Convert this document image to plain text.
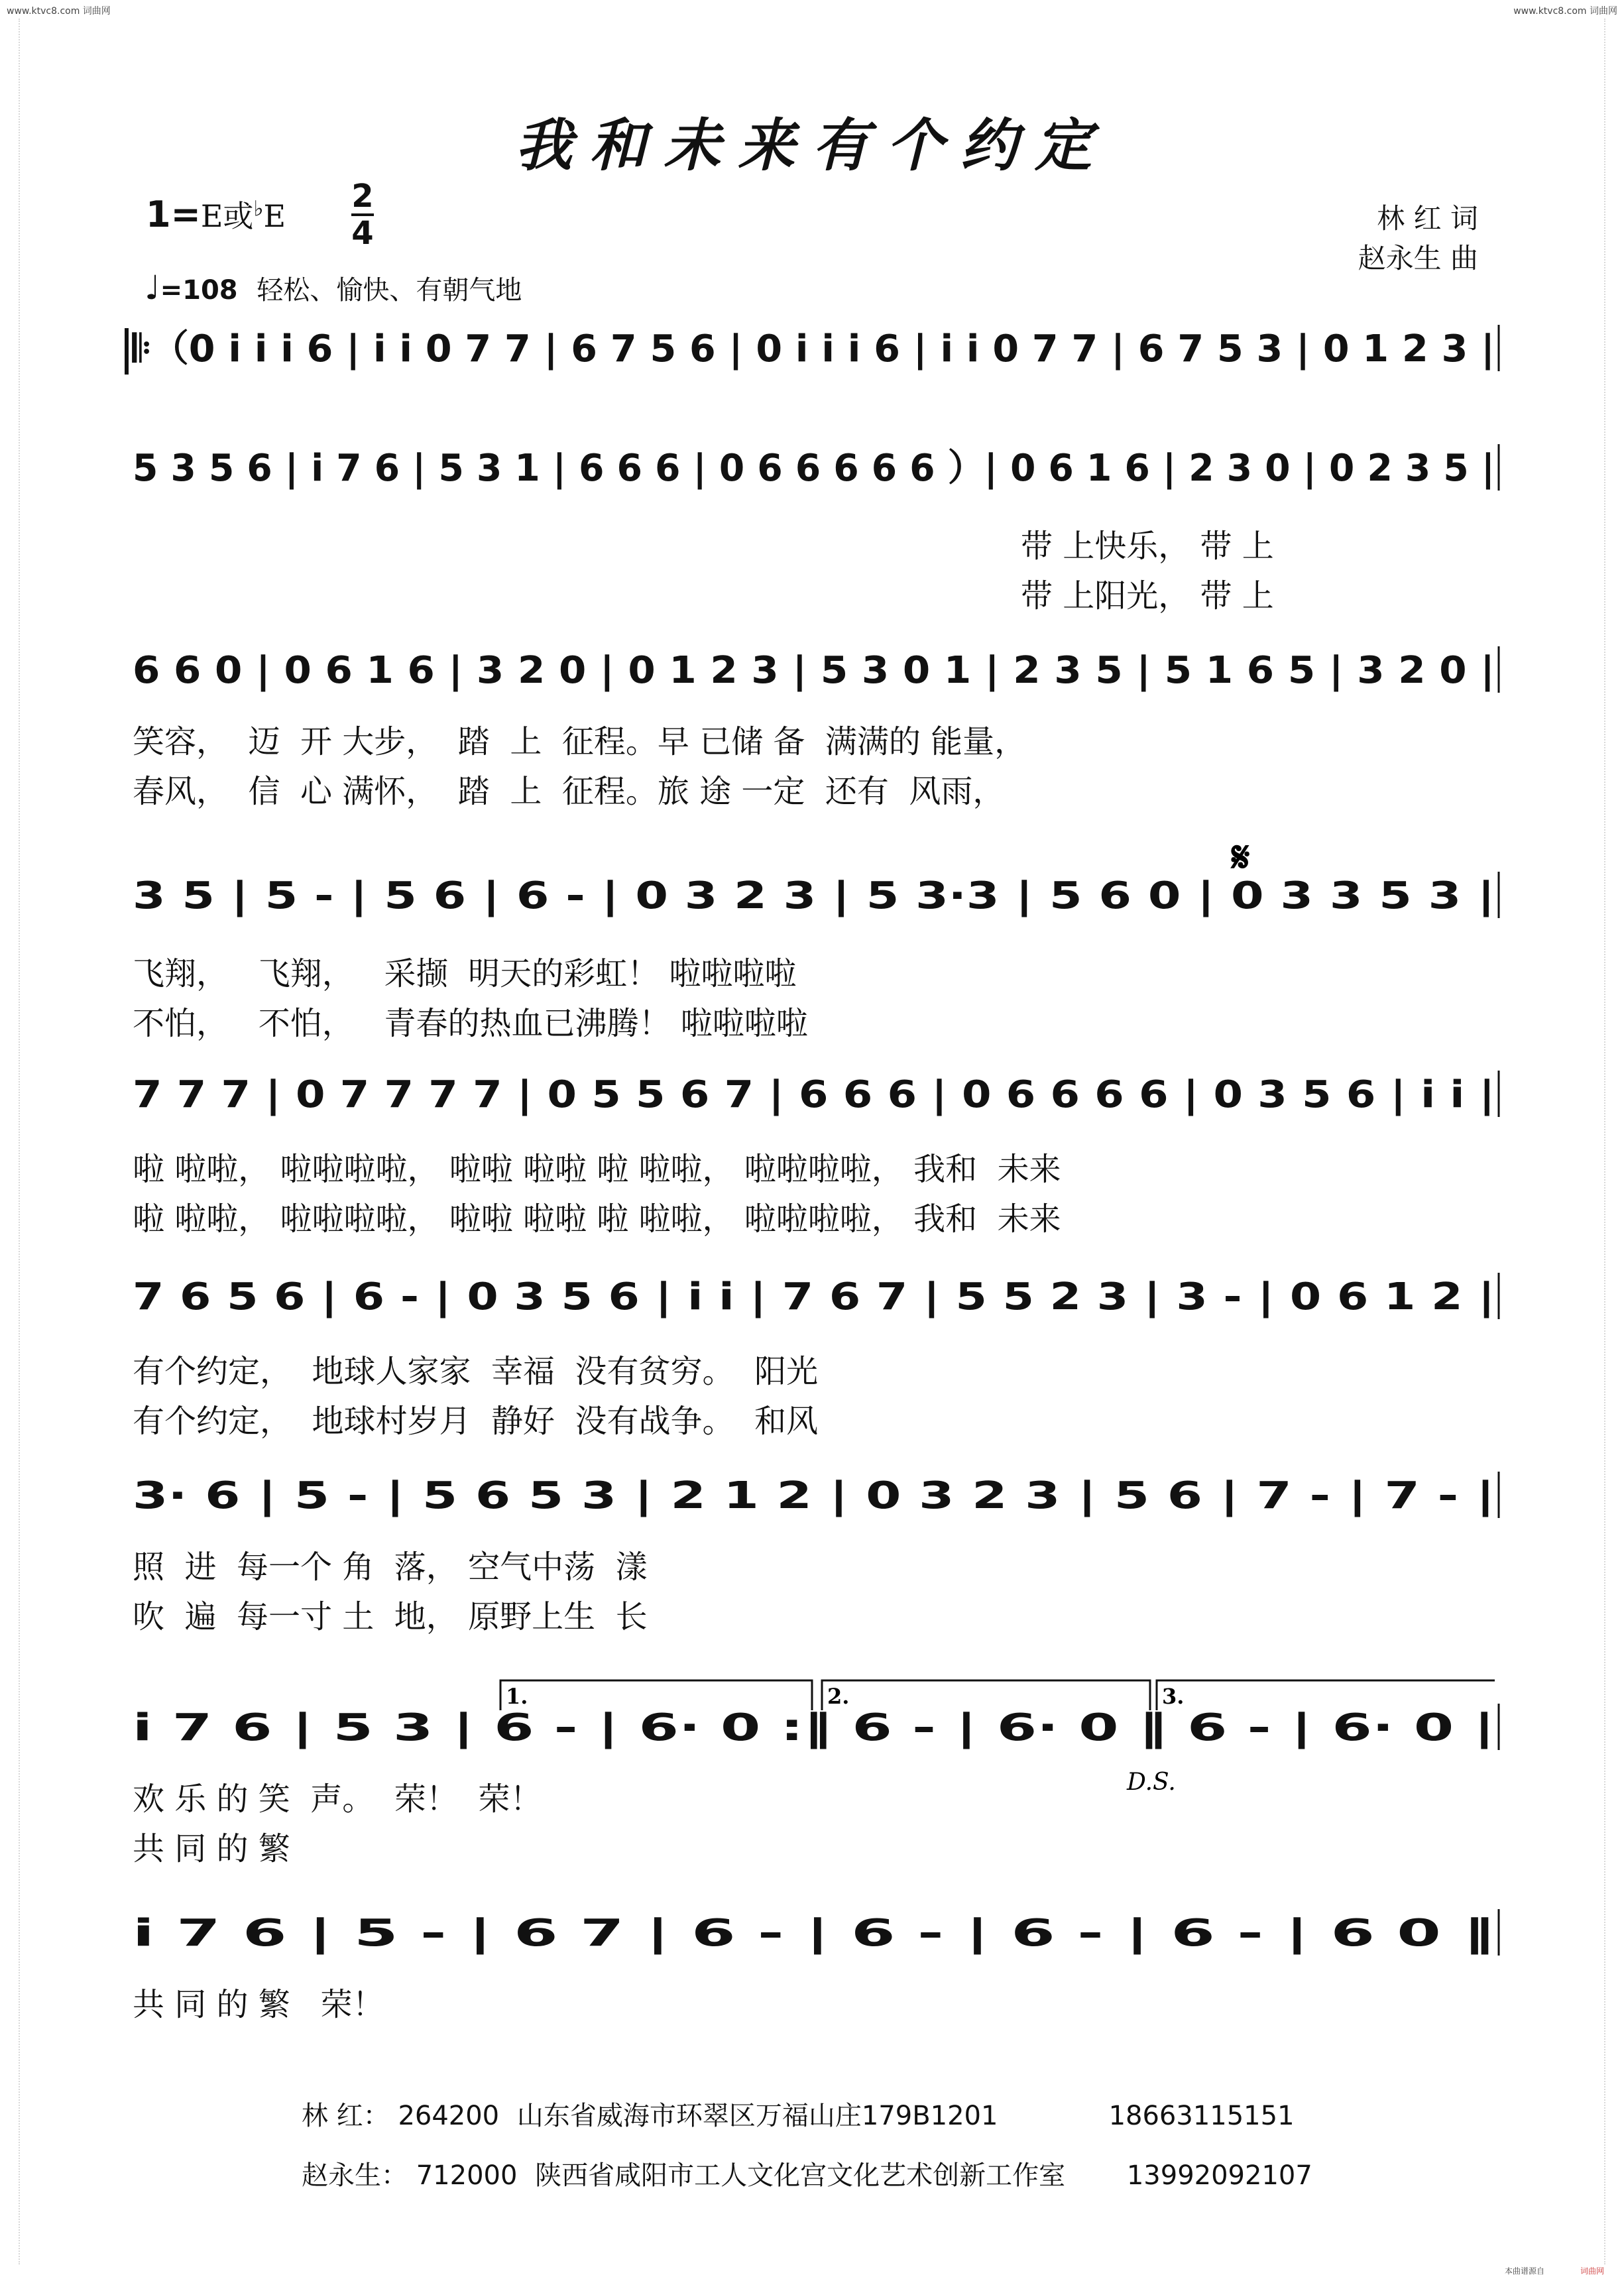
www.ktvc8.com 词曲网	www.ktvc8.com 词曲网
我和未来有个约定
1=E或♭E
2
4
♩=108 轻松、愉快、有朝气地
林 红 词
赵永生 曲
𝄆（0 i i i 6 | i i 0 7 7 | 6 7 5 6 | 0 i i i 6 | i i 0 7 7 | 6 7 5 3 | 0 1 2 3 |
5 3 5 6 | i 7 6 | 5 3 1 | 6 6 6 | 0 6 6 6 6 6 ）| 0 6 1 6 | 2 3 0 | 0 2 3 5 |
带 上快乐， 带 上
带 上阳光， 带 上
6 6 0 | 0 6 1 6 | 3 2 0 | 0 1 2 3 | 5 3 0 1 | 2 3 5 | 5 1 6 5 | 3 2 0 |
笑容，  迈  开 大步，  踏  上  征程。早 已储 备  满满的 能量，
春风，  信  心 满怀，  踏  上  征程。旅 途 一定  还有  风雨，
3 5 | 5 - | 5 6 | 6 - | 0 3 2 3 | 5 3·3 | 5 6 0 | 0 3 3 5 3 |
飞翔，   飞翔，   采撷  明天的彩虹！ 啦啦啦啦
不怕，   不怕，   青春的热血已沸腾！ 啦啦啦啦
7 7 7 | 0 7 7 7 7 | 0 5 5 6 7 | 6 6 6 | 0 6 6 6 6 | 0 3 5 6 | i i |
啦 啦啦， 啦啦啦啦， 啦啦 啦啦 啦 啦啦， 啦啦啦啦， 我和  未来
啦 啦啦， 啦啦啦啦， 啦啦 啦啦 啦 啦啦， 啦啦啦啦， 我和  未来
7 6 5 6 | 6 - | 0 3 5 6 | i i | 7 6 7 | 5 5 2 3 | 3 - | 0 6 1 2 |
有个约定，  地球人家家  幸福  没有贫穷。  阳光
有个约定，  地球村岁月  静好  没有战争。  和风
3· 6 | 5 - | 5 6 5 3 | 2 1 2 | 0 3 2 3 | 5 6 | 7 - | 7 - |
照  进  每一个 角  落， 空气中荡  漾
吹  遍  每一寸 土  地， 原野上生  长
i 7 6 | 5 3 | 6 - | 6· 0 :‖ 6 - | 6· 0 ‖ 6 - | 6· 0 |
欢 乐 的 笑  声。  荣！  荣！
共 同 的 繁
i 7 6 | 5 - | 6 7 | 6 - | 6 - | 6 - | 6 - | 6 0 ‖
共 同 的 繁   荣！
1.	2.	3.
𝄋
D.S.
林 红： 264200 山东省威海市环翠区万福山庄179B1201	18663115151
赵永生： 712000 陕西省咸阳市工人文化宫文化艺术创新工作室 13992092107
本曲谱源自	词曲网
